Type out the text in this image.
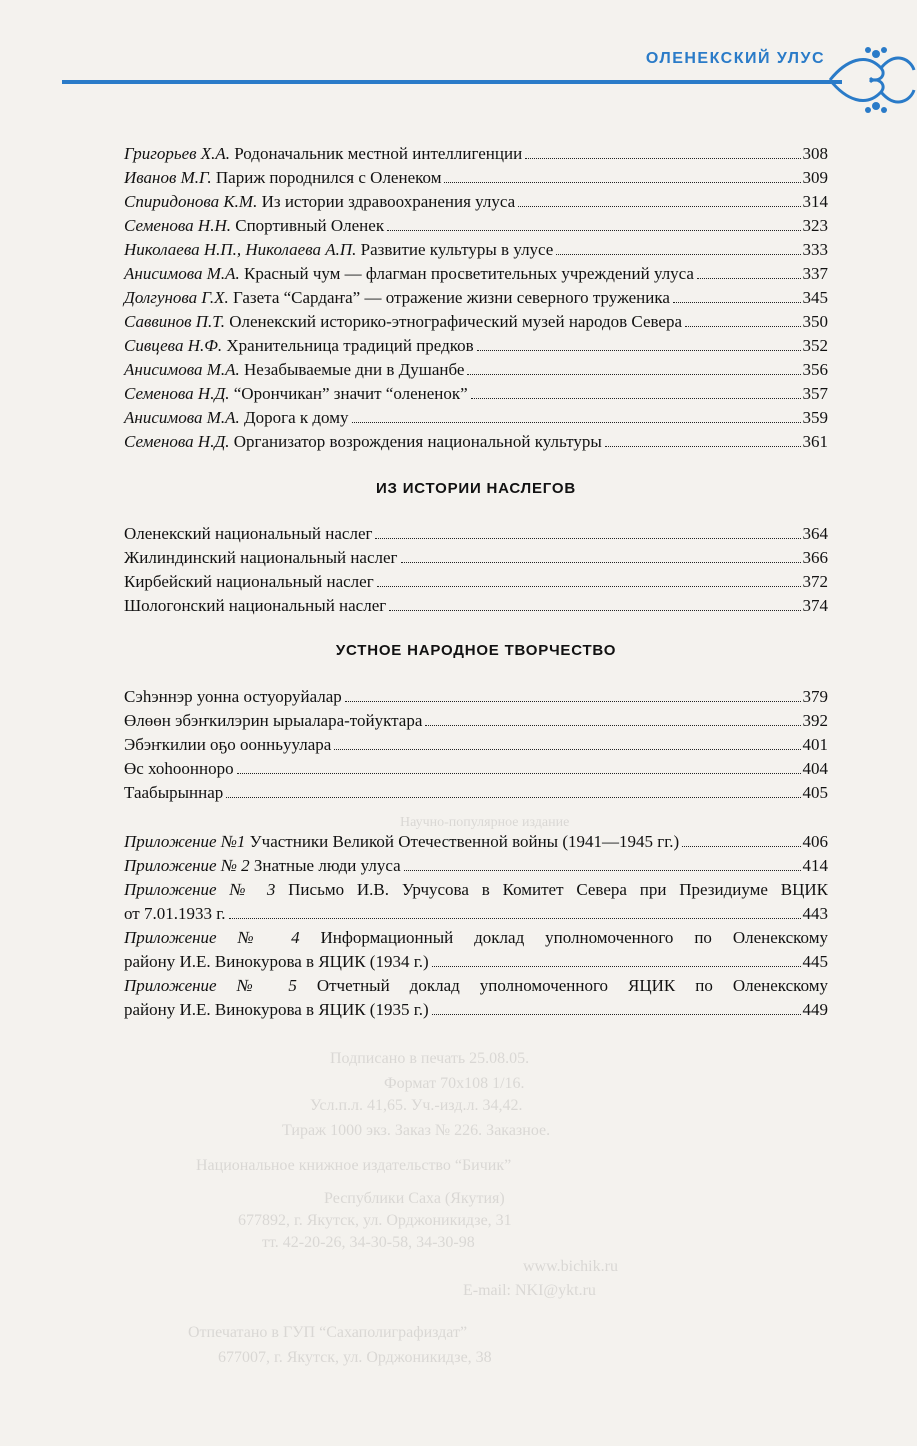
ОЛЕНЕКСКИЙ УЛУС
Научно-популярное издание
Подписано в печать 25.08.05.
Формат 70х108 1/16.
Усл.п.л. 41,65. Уч.-изд.л. 34,42.
Тираж 1000 экз. Заказ № 226. Заказное.
Национальное книжное издательство “Бичик”
Республики Саха (Якутия)
677892, г. Якутск, ул. Орджоникидзе, 31
тт. 42-20-26, 34-30-58, 34-30-98
www.bichik.ru
E-mail: NKI@ykt.ru
Отпечатано в ГУП “Сахаполиграфиздат”
677007, г. Якутск, ул. Орджоникидзе, 38
Григорьев Х.А. Родоначальник местной интеллигенции	308
Иванов М.Г. Париж породнился с Оленеком	309
Спиридонова К.М. Из истории здравоохранения улуса	314
Семенова Н.Н. Спортивный Оленек	323
Николаева Н.П., Николаева А.П. Развитие культуры в улусе	333
Анисимова М.А. Красный чум — флагман просветительных учреждений улуса	337
Долгунова Г.Х. Газета “Сардаҥа” — отражение жизни северного труженика	345
Саввинов П.Т. Оленекский историко-этнографический музей народов Севера	350
Сивцева Н.Ф. Хранительница традиций предков	352
Анисимова М.А. Незабываемые дни в Душанбе	356
Семенова Н.Д. “Орончикан” значит “олененок”	357
Анисимова М.А. Дорога к дому	359
Семенова Н.Д. Организатор возрождения национальной культуры	361
ИЗ ИСТОРИИ НАСЛЕГОВ
Оленекский национальный наслег	364
Жилиндинский национальный наслег	366
Кирбейский национальный наслег	372
Шологонский национальный наслег	374
УСТНОЕ НАРОДНОЕ ТВОРЧЕСТВО
Сэһэннэр уонна остуоруйалар	379
Өлөөн эбэҥкилэрин ырыалара-тойуктара	392
Эбэҥкилии оҕо оонньуулара	401
Өс хоһооннорo	404
Таабырыннар	405
Приложение №1 Участники Великой Отечественной войны (1941—1945 гг.)	406
Приложение № 2 Знатные люди улуса	414
Приложение № 3 Письмо И.В. Урчусова в Комитет Севера при Президиуме ВЦИК
от 7.01.1933 г.	443
Приложение № 4 Информационный доклад уполномоченного по Оленекскому
району И.Е. Винокурова в ЯЦИК (1934 г.)	445
Приложение № 5 Отчетный доклад уполномоченного ЯЦИК по Оленекскому
району И.Е. Винокурова в ЯЦИК (1935 г.)	449
